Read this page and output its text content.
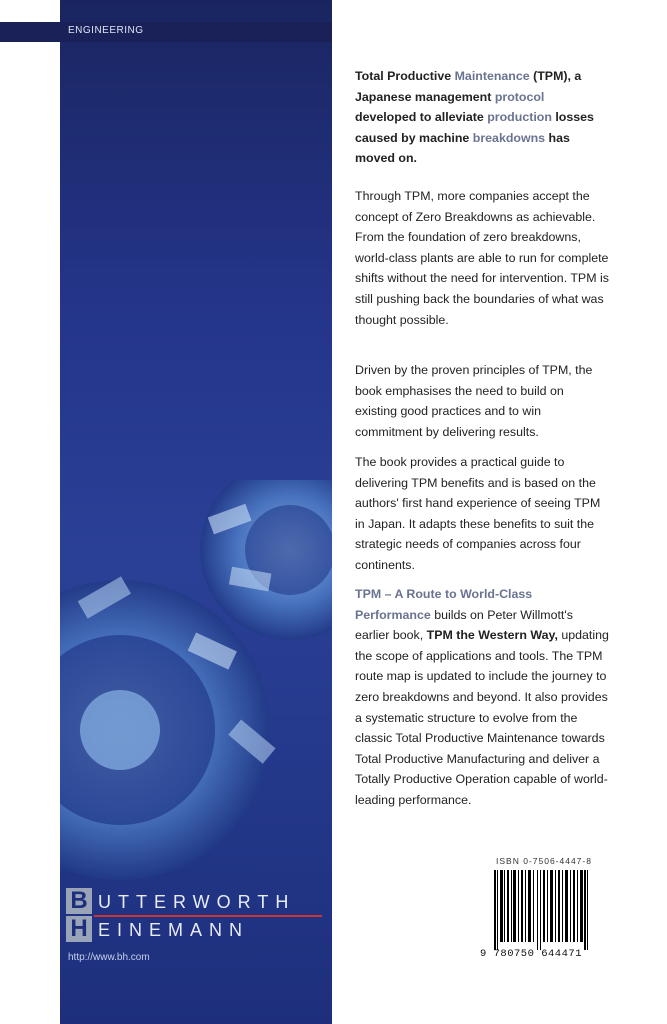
ENGINEERING
B UTTERWORTH
H EINEMANN
http://www.bh.com

Total Productive Maintenance (TPM), a Japanese management protocol developed to alleviate production losses caused by machine breakdowns has moved on.

Through TPM, more companies accept the concept of Zero Breakdowns as achievable. From the foundation of zero breakdowns, world-class plants are able to run for complete shifts without the need for intervention. TPM is still pushing back the boundaries of what was thought possible.

Driven by the proven principles of TPM, the book emphasises the need to build on existing good practices and to win commitment by delivering results.

The book provides a practical guide to delivering TPM benefits and is based on the authors' first hand experience of seeing TPM in Japan. It adapts these benefits to suit the strategic needs of companies across four continents.

TPM – A Route to World-Class Performance builds on Peter Willmott's earlier book, TPM the Western Way, updating the scope of applications and tools. The TPM route map is updated to include the journey to zero breakdowns and beyond. It also provides a systematic structure to evolve from the classic Total Productive Maintenance towards Total Productive Manufacturing and deliver a Totally Productive Operation capable of world-leading performance.

ISBN 0-7506-4447-8
9 780750 644471
